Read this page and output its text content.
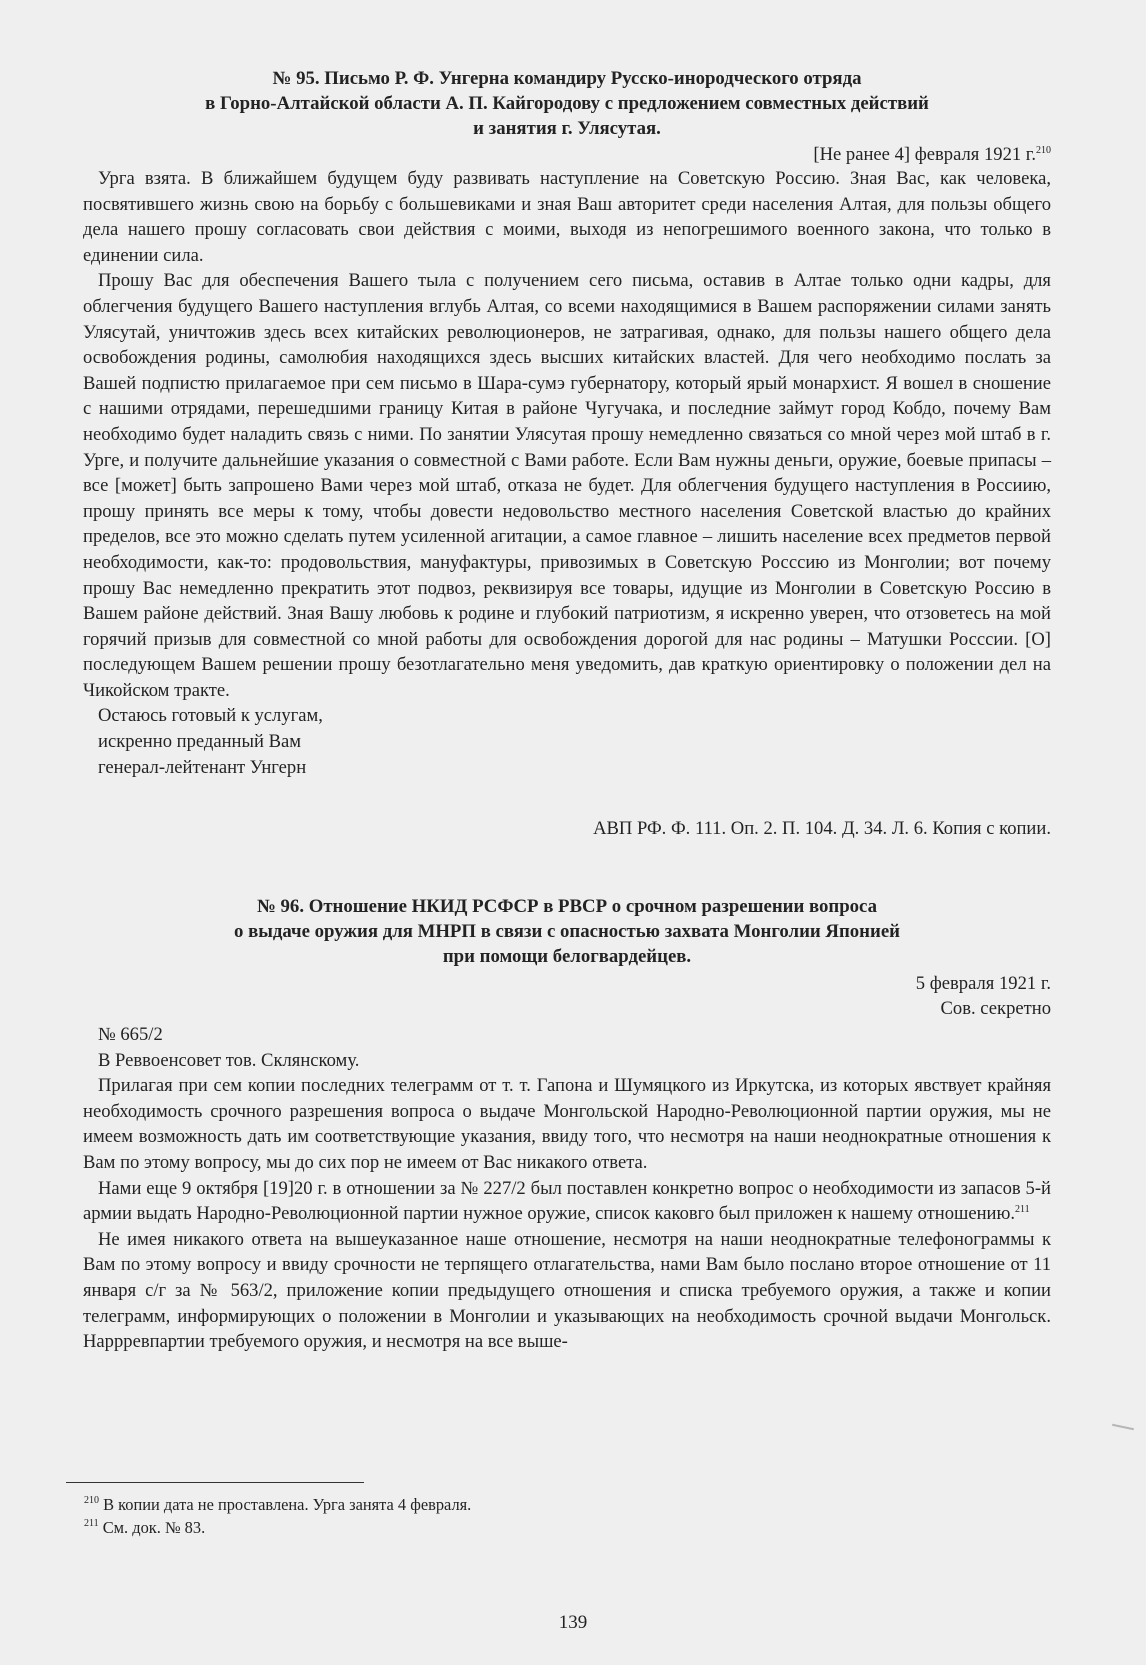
№ 95. Письмо Р. Ф. Унгерна командиру Русско-инородческого отряда
в Горно-Алтайской области А. П. Кайгородову с предложением совместных действий
и занятия г. Улясутая.
[Не ранее 4] февраля 1921 г.$^{210}$

Урга взята. В ближайшем будущем буду развивать наступление на Советскую Россию. Зная Вас, как человека, посвятившего жизнь свою на борьбу с большевиками и зная Ваш авторитет среди населения Алтая, для пользы общего дела нашего прошу согласовать свои действия с моими, выходя из непогрешимого военного закона, что только в единении сила.

Прошу Вас для обеспечения Вашего тыла с получением сего письма, оставив в Алтае только одни кадры, для облегчения будущего Вашего наступления вглубь Алтая, со всеми находящимися в Вашем распоряжении силами занять Улясутай, уничтожив здесь всех китайских революционеров, не затрагивая, однако, для пользы нашего общего дела освобождения родины, самолюбия находящихся здесь высших китайских властей. Для чего необходимо послать за Вашей подпистю прилагаемое при сем письмо в Шара-сумэ губернатору, который ярый монархист. Я вошел в сношение с нашими отрядами, перешедшими границу Китая в районе Чугучака, и последние займут город Кобдо, почему Вам необходимо будет наладить связь с ними. По занятии Улясутая прошу немедленно связаться со мной через мой штаб в г. Урге, и получите дальнейшие указания о совместной с Вами работе. Если Вам нужны деньги, оружие, боевые припасы – все [может] быть запрошено Вами через мой штаб, отказа не будет. Для облегчения будущего наступления в Россиию, прошу принять все меры к тому, чтобы довести недовольство местного населения Советской властью до крайних пределов, все это можно сделать путем усиленной агитации, а самое главное – лишить население всех предметов первой необходимости, как-то: продовольствия, мануфактуры, привозимых в Советскую Росссию из Монголии; вот почему прошу Вас немедленно прекратить этот подвоз, реквизируя все товары, идущие из Монголии в Советскую Россию в Вашем районе действий. Зная Вашу любовь к родине и глубокий патриотизм, я искренно уверен, что отзоветесь на мой горячий призыв для совместной со мной работы для освобождения дорогой для нас родины – Матушки Росссии. [О] последующем Вашем решении прошу безотлагательно меня уведомить, дав краткую ориентировку о положении дел на Чикойском тракте.

Остаюсь готовый к услугам,
искренно преданный Вам
генерал-лейтенант Унгерн
АВП РФ. Ф. 111. Оп. 2. П. 104. Д. 34. Л. 6. Копия с копии.
№ 96. Отношение НКИД РСФСР в РВСР о срочном разрешении вопроса
о выдаче оружия для МНРП в связи с опасностью захвата Монголии Японией
при помощи белогвардейцев.
5 февраля 1921 г.
Сов. секретно
№ 665/2
В Реввоенсовет тов. Склянскому.

Прилагая при сем копии последних телеграмм от т. т. Гапона и Шумяцкого из Иркутска, из которых явствует крайняя необходимость срочного разрешения вопроса о выдаче Монгольской Народно-Революционной партии оружия, мы не имеем возможность дать им соответствующие указания, ввиду того, что несмотря на наши неоднократные отношения к Вам по этому вопросу, мы до сих пор не имеем от Вас никакого ответа.

Нами еще 9 октября [19]20 г. в отношении за № 227/2 был поставлен конкретно вопрос о необходимости из запасов 5-й армии выдать Народно-Революционной партии нужное оружие, список каковго был приложен к нашему отношению.$^{211}$

Не имея никакого ответа на вышеуказанное наше отношение, несмотря на наши неоднократные телефонограммы к Вам по этому вопросу и ввиду срочности не терпящего отлагательства, нами Вам было послано второе отношение от 11 января с/г за № 563/2, приложение копии предыдущего отношения и списка требуемого оружия, а также и копии телеграмм, информирующих о положении в Монголии и указывающих на необходимость срочной выдачи Монгольск. Наррревпартии требуемого оружия, и несмотря на все выше-

$^{210}$ В копии дата не проставлена. Урга занята 4 февраля.
$^{211}$ См. док. № 83.
139
